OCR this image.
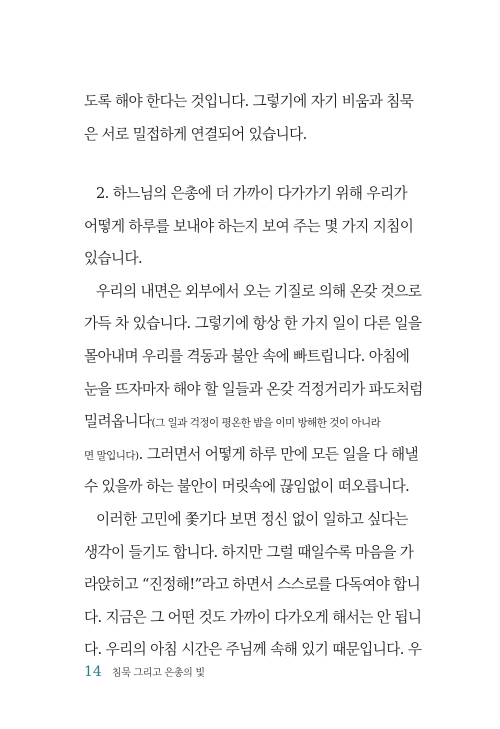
도록 해야 한다는 것입니다. 그렇기에 자기 비움과 침묵
은 서로 밀접하게 연결되어 있습니다.
2. 하느님의 은총에 더 가까이 다가가기 위해 우리가
어떻게 하루를 보내야 하는지 보여 주는 몇 가지 지침이
있습니다.
우리의 내면은 외부에서 오는 기질로 의해 온갖 것으로
가득 차 있습니다. 그렇기에 항상 한 가지 일이 다른 일을
몰아내며 우리를 격동과 불안 속에 빠트립니다. 아침에
눈을 뜨자마자 해야 할 일들과 온갖 걱정거리가 파도처럼
밀려옵니다(그 일과 걱정이 평온한 밤을 이미 방해한 것이 아니라
면 말입니다). 그러면서 어떻게 하루 만에 모든 일을 다 해낼
수 있을까 하는 불안이 머릿속에 끊임없이 떠오릅니다.
이러한 고민에 쫓기다 보면 정신 없이 일하고 싶다는
생각이 들기도 합니다. 하지만 그럴 때일수록 마음을 가
라앉히고 “진정해!”라고 하면서 스스로를 다독여야 합니
다. 지금은 그 어떤 것도 가까이 다가오게 해서는 안 됩니
다. 우리의 아침 시간은 주님께 속해 있기 때문입니다. 우
14 침묵 그리고 은총의 빛
